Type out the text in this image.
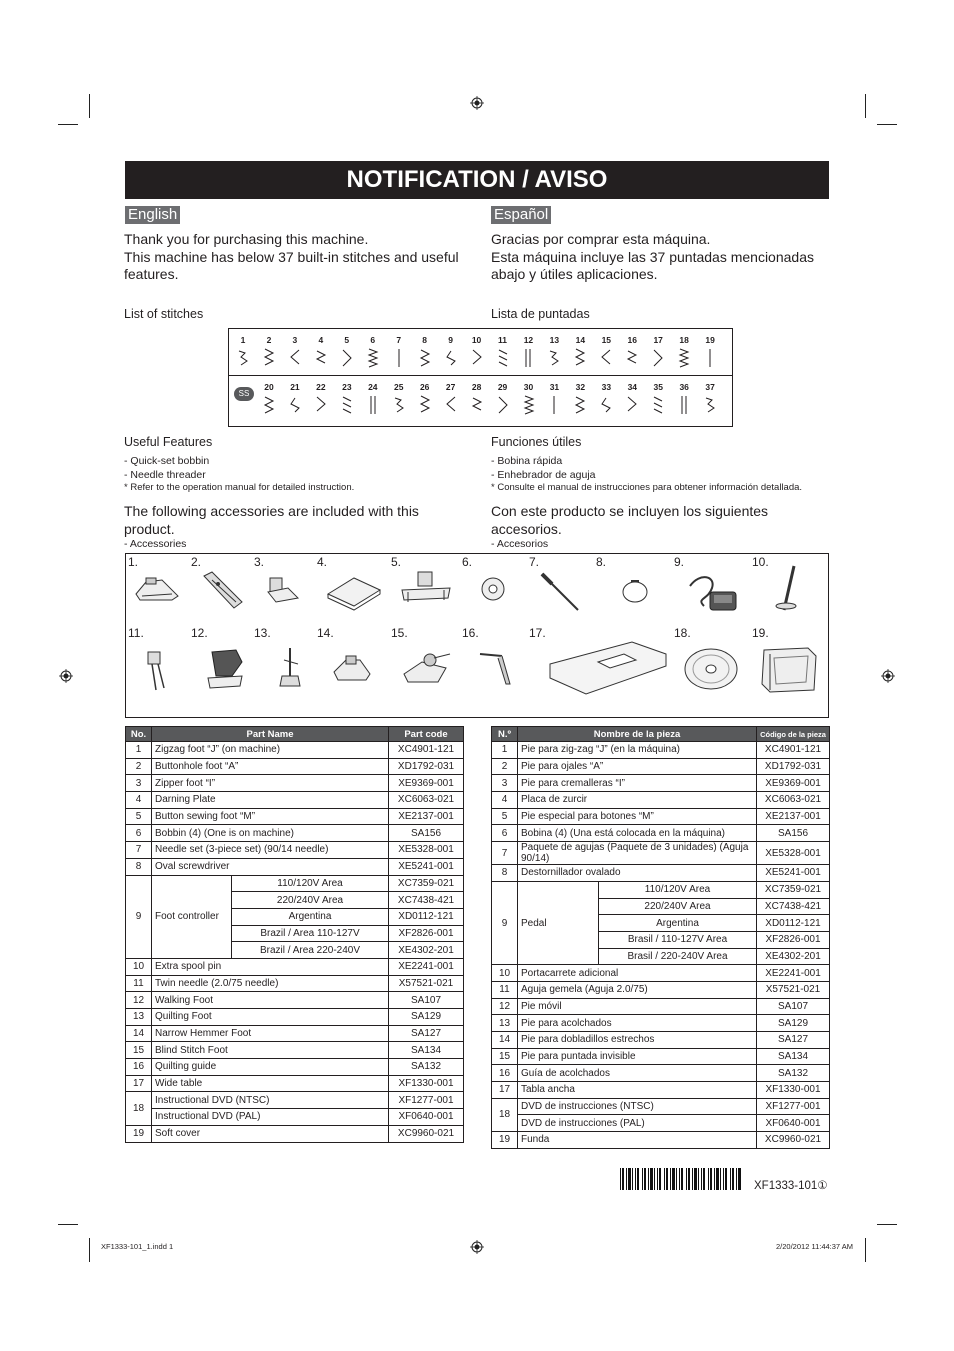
NOTIFICATION / AVISO
English	Español
Thank you for purchasing this machine.
This machine has below 37 built-in stitches and useful features.
Gracias por comprar esta máquina.
Esta máquina incluye las 37 puntadas mencionadas abajo y útiles aplicaciones.
List of stitches	Lista de puntadas
SS
1	2	3	4	5	6	7	8	9	10	11	12	13	14	15	16	17	18	19
20	21	22	23	24	25	26	27	28	29	30	31	32	33	34	35	36	37
Useful Features
- Quick-set bobbin
- Needle threader
* Refer to the operation manual for detailed instruction.
Funciones útiles
- Bobina rápida
- Enhebrador de aguja
* Consulte el manual de instrucciones para obtener información detallada.
The following accessories are included with this product.
- Accessories
Con este producto se incluyen los siguientes accesorios.
- Accesorios
1.	2.	3.	4.	5.	6.	7.	8.	9.	10.
11.	12.	13.	14.	15.	16.	17.	18.	19.
No.	Part Name		Part code
1	Zigzag foot “J” (on machine)		XC4901-121
2	Buttonhole foot “A”		XD1792-031
3	Zipper foot “I”		XE9369-001
4	Darning Plate		XC6063-021
5	Button sewing foot “M”		XE2137-001
6	Bobbin (4) (One is on machine)		SA156
7	Needle set (3-piece set) (90/14 needle)		XE5328-001
8	Oval screwdriver		XE5241-001
9	Foot controller	110/120V Area	XC7359-021
		220/240V Area	XC7438-421
		Argentina	XD0112-121
		Brazil / Area 110-127V	XF2826-001
		Brazil / Area 220-240V	XE4302-201
10	Extra spool pin		XE2241-001
11	Twin needle (2.0/75 needle)		X57521-021
12	Walking Foot		SA107
13	Quilting Foot		SA129
14	Narrow Hemmer Foot		SA127
15	Blind Stitch Foot		SA134
16	Quilting guide		SA132
17	Wide table		XF1330-001
18	Instructional DVD (NTSC)		XF1277-001
	Instructional DVD (PAL)		XF0640-001
19	Soft cover		XC9960-021
N.º	Nombre de la pieza		Código de la pieza
1	Pie para zig-zag “J” (en la máquina)		XC4901-121
2	Pie para ojales “A”		XD1792-031
3	Pie para cremalleras “I”		XE9369-001
4	Placa de zurcir		XC6063-021
5	Pie especial para botones “M”		XE2137-001
6	Bobina (4) (Una está colocada en la máquina)		SA156
7	Paquete de agujas (Paquete de 3 unidades) (Aguja 90/14)		XE5328-001
8	Destornillador ovalado		XE5241-001
9	Pedal	110/120V Area	XC7359-021
		220/240V Area	XC7438-421
		Argentina	XD0112-121
		Brasil / 110-127V Area	XF2826-001
		Brasil / 220-240V Area	XE4302-201
10	Portacarrete adicional		XE2241-001
11	Aguja gemela (Aguja 2.0/75)		X57521-021
12	Pie móvil		SA107
13	Pie para acolchados		SA129
14	Pie para dobladillos estrechos		SA127
15	Pie para puntada invisible		SA134
16	Guía de acolchados		SA132
17	Tabla ancha		XF1330-001
18	DVD de instrucciones (NTSC)		XF1277-001
	DVD de instrucciones (PAL)		XF0640-001
19	Funda		XC9960-021
XF1333-101①
XF1333-101_1.indd 1	2/20/2012 11:44:37 AM
